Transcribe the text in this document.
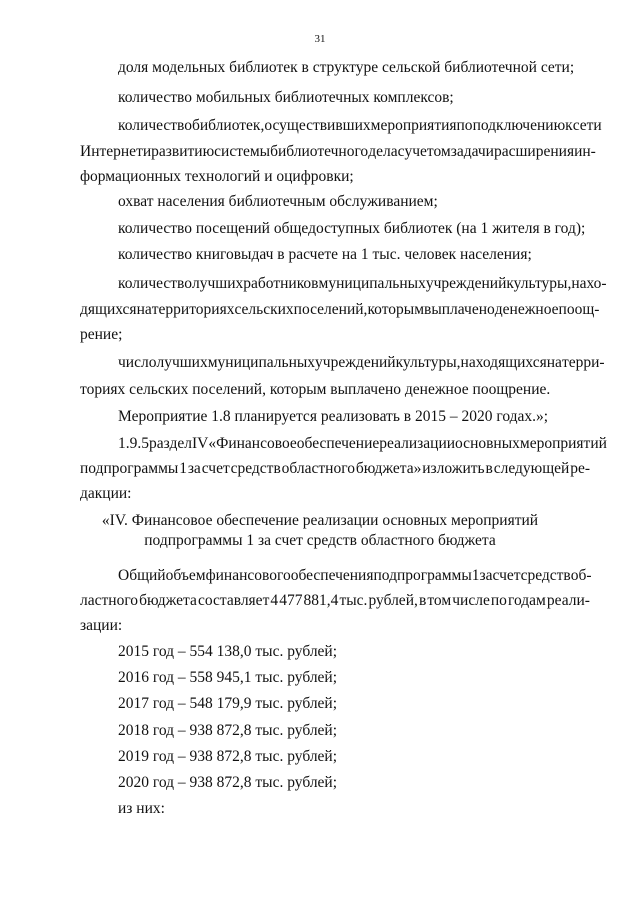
31
доля модельных библиотек в структуре сельской библиотечной сети;
количество мобильных библиотечных комплексов;
количество библиотек, осуществивших мероприятия по подключению к сети
Интернет и развитию системы библиотечного дела с учетом задачи расширения ин-
формационных технологий и оцифровки;
охват населения библиотечным обслуживанием;
количество посещений общедоступных библиотек (на 1 жителя в год);
количество книговыдач в расчете на 1 тыс. человек населения;
количество лучших работников муниципальных учреждений культуры, нахо-
дящихся на территориях сельских поселений, которым выплачено денежное поощ-
рение;
число лучших муниципальных учреждений культуры, находящихся на терри-
ториях сельских поселений, которым выплачено денежное поощрение.
Мероприятие 1.8 планируется реализовать в 2015 – 2020 годах.»;
1.9.5 раздел IV «Финансовое обеспечение реализации основных мероприятий
подпрограммы 1 за счет средств областного бюджета» изложить в следующей ре-
дакции:
«IV. Финансовое обеспечение реализации основных мероприятий
подпрограммы 1 за счет средств областного бюджета
Общий объем финансового обеспечения подпрограммы 1 за счет средств об-
ластного бюджета составляет 4 477 881,4 тыс. рублей, в том числе по годам реали-
зации:
2015 год – 554 138,0 тыс. рублей;
2016 год – 558 945,1 тыс. рублей;
2017 год – 548 179,9 тыс. рублей;
2018 год – 938 872,8 тыс. рублей;
2019 год – 938 872,8 тыс. рублей;
2020 год – 938 872,8 тыс. рублей;
из них:
